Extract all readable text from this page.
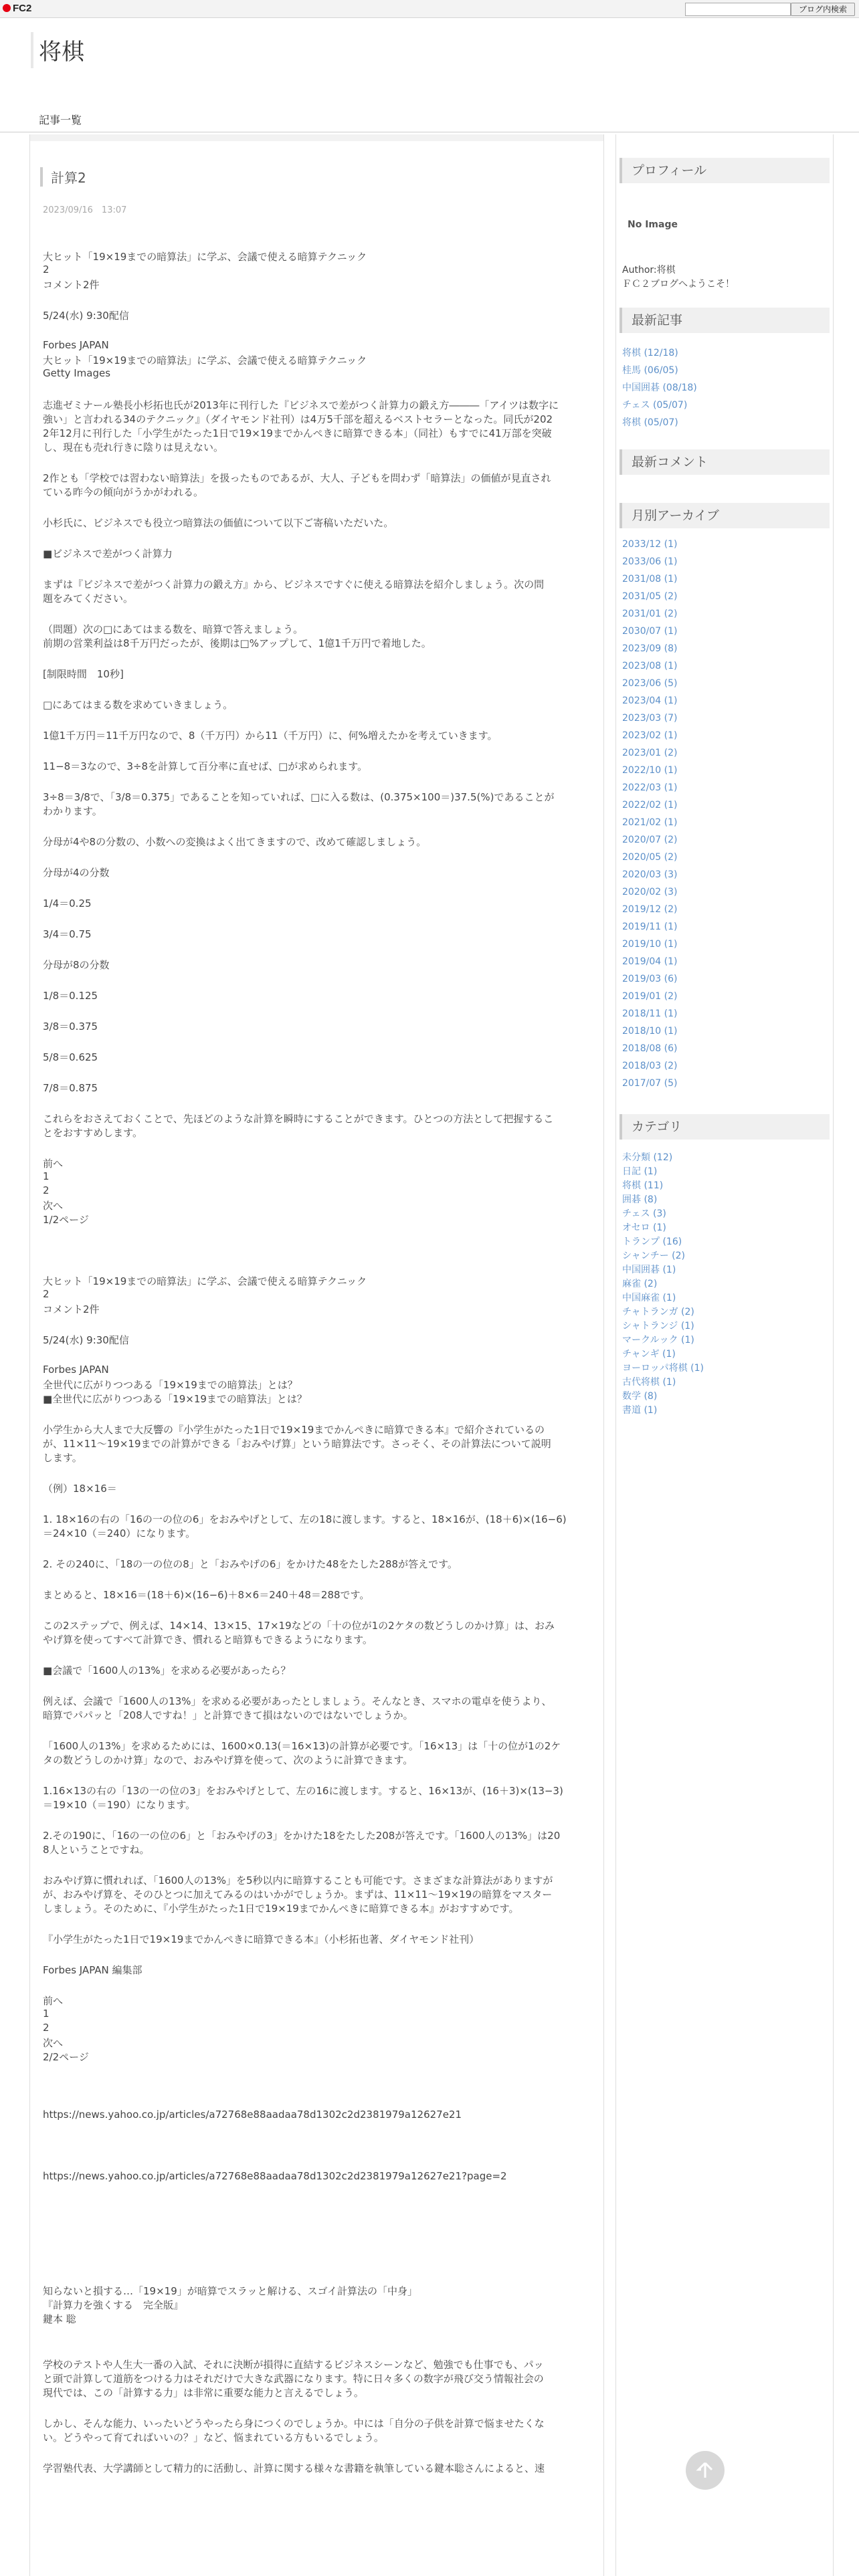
FC2	ブログ内検索
将棋
記事一覧
計算2
2023/09/16　13:07
大ヒット「19×19までの暗算法」に学ぶ、会議で使える暗算テクニック
2
コメント2件
5/24(水) 9:30配信
Forbes JAPAN
大ヒット「19×19までの暗算法」に学ぶ、会議で使える暗算テクニック
Getty Images
志進ゼミナール塾長小杉拓也氏が2013年に刊行した『ビジネスで差がつく計算力の鍛え方―――「アイツは数字に
強い」と言われる34のテクニック』（ダイヤモンド社刊）は4万5千部を超えるベストセラーとなった。同氏が202
2年12月に刊行した「小学生がたった1日で19×19までかんぺきに暗算できる本」（同社）もすでに41万部を突破
し、現在も売れ行きに陰りは見えない。
2作とも「学校では習わない暗算法」を扱ったものであるが、大人、子どもを問わず「暗算法」の価値が見直され
ている昨今の傾向がうかがわれる。
小杉氏に、ビジネスでも役立つ暗算法の価値について以下ご寄稿いただいた。
■ビジネスで差がつく計算力
まずは『ビジネスで差がつく計算力の鍛え方』から、ビジネスですぐに使える暗算法を紹介しましょう。次の問
題をみてください。
（問題）次の□にあてはまる数を、暗算で答えましょう。
前期の営業利益は8千万円だったが、後期は□%アップして、1億1千万円で着地した。
[制限時間　10秒]
□にあてはまる数を求めていきましょう。
1億1千万円＝11千万円なので、8（千万円）から11（千万円）に、何%増えたかを考えていきます。
11−8＝3なので、3÷8を計算して百分率に直せば、□が求められます。
3÷8＝3/8で、「3/8＝0.375」であることを知っていれば、□に入る数は、(0.375×100＝)37.5(%)であることが
わかります。
分母が4や8の分数の、小数への変換はよく出てきますので、改めて確認しましょう。
分母が4の分数
1/4＝0.25
3/4＝0.75
分母が8の分数
1/8＝0.125
3/8＝0.375
5/8＝0.625
7/8＝0.875
これらをおさえておくことで、先ほどのような計算を瞬時にすることができます。ひとつの方法として把握するこ
とをおすすめします。
前へ
1
2
次へ
1/2ページ
大ヒット「19×19までの暗算法」に学ぶ、会議で使える暗算テクニック
2
コメント2件
5/24(水) 9:30配信
Forbes JAPAN
全世代に広がりつつある「19×19までの暗算法」とは？
■全世代に広がりつつある「19×19までの暗算法」とは？
小学生から大人まで大反響の『小学生がたった1日で19×19までかんぺきに暗算できる本』で紹介されているの
が、11×11〜19×19までの計算ができる「おみやげ算」という暗算法です。さっそく、その計算法について説明
します。
（例）18×16＝
1. 18×16の右の「16の一の位の6」をおみやげとして、左の18に渡します。すると、18×16が、(18＋6)×(16−6)
＝24×10（＝240）になります。
2. その240に、「18の一の位の8」と「おみやげの6」をかけた48をたした288が答えです。
まとめると、18×16＝(18＋6)×(16−6)＋8×6＝240＋48＝288です。
この2ステップで、例えば、14×14、13×15、17×19などの「十の位が1の2ケタの数どうしのかけ算」は、おみ
やげ算を使ってすべて計算でき、慣れると暗算もできるようになります。
■会議で「1600人の13%」を求める必要があったら？
例えば、会議で「1600人の13%」を求める必要があったとしましょう。そんなとき、スマホの電卓を使うより、
暗算でパパッと「208人ですね！」と計算できて損はないのではないでしょうか。
「1600人の13%」を求めるためには、1600×0.13(＝16×13)の計算が必要です。「16×13」は「十の位が1の2ケ
タの数どうしのかけ算」なので、おみやげ算を使って、次のように計算できます。
1.16×13の右の「13の一の位の3」をおみやげとして、左の16に渡します。すると、16×13が、(16＋3)×(13−3)
＝19×10（＝190）になります。
2.その190に、「16の一の位の6」と「おみやげの3」をかけた18をたした208が答えです。「1600人の13%」は20
8人ということですね。
おみやげ算に慣れれば、「1600人の13%」を5秒以内に暗算することも可能です。さまざまな計算法がありますが
が、おみやげ算を、そのひとつに加えてみるのはいかがでしょうか。まずは、11×11〜19×19の暗算をマスター
しましょう。そのために、『小学生がたった1日で19×19までかんぺきに暗算できる本』がおすすめです。
『小学生がたった1日で19×19までかんぺきに暗算できる本』（小杉拓也著、ダイヤモンド社刊）
Forbes JAPAN 編集部
前へ
1
2
次へ
2/2ページ
https://news.yahoo.co.jp/articles/a72768e88aadaa78d1302c2d2381979a12627e21
https://news.yahoo.co.jp/articles/a72768e88aadaa78d1302c2d2381979a12627e21?page=2
知らないと損する…「19×19」が暗算でスラッと解ける、スゴイ計算法の「中身」
『計算力を強くする　完全版』
鍵本 聡
学校のテストや人生大一番の入試、それに決断が損得に直結するビジネスシーンなど、勉強でも仕事でも、パッ
と頭で計算して道筋をつける力はそれだけで大きな武器になります。特に日々多くの数字が飛び交う情報社会の
現代では、この「計算する力」は非常に重要な能力と言えるでしょう。
しかし、そんな能力、いったいどうやったら身につくのでしょうか。中には「自分の子供を計算で悩ませたくな
い。どうやって育てればいいの？」など、悩まれている方もいるでしょう。
学習塾代表、大学講師として精力的に活動し、計算に関する様々な書籍を執筆している鍵本聡さんによると、速
プロフィール
No Image
Author:将棋
ＦＣ２ブログへようこそ！
最新記事
将棋 (12/18)
桂馬 (06/05)
中国囲碁 (08/18)
チェス (05/07)
将棋 (05/07)
最新コメント
月別アーカイブ
2033/12 (1)
2033/06 (1)
2031/08 (1)
2031/05 (2)
2031/01 (2)
2030/07 (1)
2023/09 (8)
2023/08 (1)
2023/06 (5)
2023/04 (1)
2023/03 (7)
2023/02 (1)
2023/01 (2)
2022/10 (1)
2022/03 (1)
2022/02 (1)
2021/02 (1)
2020/07 (2)
2020/05 (2)
2020/03 (3)
2020/02 (3)
2019/12 (2)
2019/11 (1)
2019/10 (1)
2019/04 (1)
2019/03 (6)
2019/01 (2)
2018/11 (1)
2018/10 (1)
2018/08 (6)
2018/03 (2)
2017/07 (5)
カテゴリ
未分類 (12)
日記 (1)
将棋 (11)
囲碁 (8)
チェス (3)
オセロ (1)
トランプ (16)
シャンチー (2)
中国囲碁 (1)
麻雀 (2)
中国麻雀 (1)
チャトランガ (2)
シャトランジ (1)
マークルック (1)
チャンギ (1)
ヨーロッパ将棋 (1)
古代将棋 (1)
数学 (8)
書道 (1)
